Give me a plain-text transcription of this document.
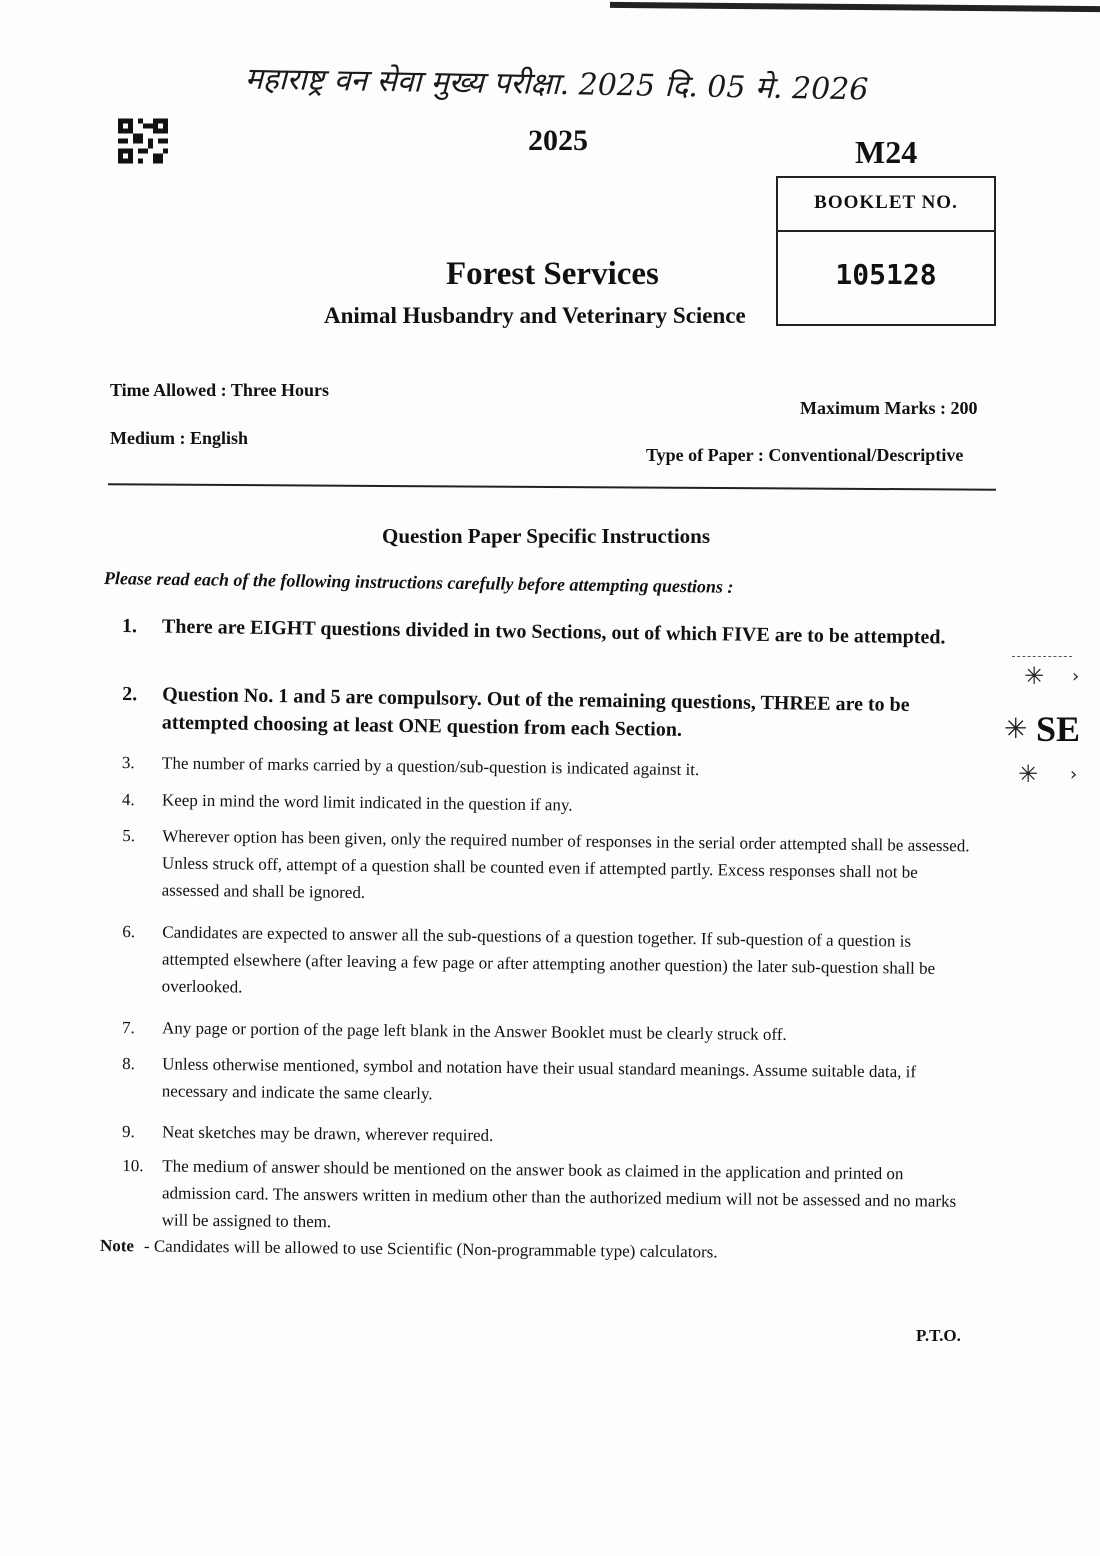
महाराष्ट्र वन सेवा मुख्य परीक्षा. 2025 दि. 05 मे. 2026
2025	M24
BOOKLET NO.
105128
Forest Services
Animal Husbandry and Veterinary Science
Time Allowed : Three Hours
Medium : English
Maximum Marks : 200
Type of Paper : Conventional/Descriptive
Question Paper Specific Instructions
Please read each of the following instructions carefully before attempting questions :
1.	There are EIGHT questions divided in two Sections, out of which FIVE are to be attempted.
2.	Question No. 1 and 5 are compulsory. Out of the remaining questions, THREE are to be attempted choosing at least ONE question from each Section.
3.	The number of marks carried by a question/sub-question is indicated against it.
4.	Keep in mind the word limit indicated in the question if any.
5.	Wherever option has been given, only the required number of responses in the serial order attempted shall be assessed. Unless struck off, attempt of a question shall be counted even if attempted partly. Excess responses shall not be assessed and shall be ignored.
6.	Candidates are expected to answer all the sub-questions of a question together. If sub-question of a question is attempted elsewhere (after leaving a few page or after attempting another question) the later sub-question shall be overlooked.
7.	Any page or portion of the page left blank in the Answer Booklet must be clearly struck off.
8.	Unless otherwise mentioned, symbol and notation have their usual standard meanings. Assume suitable data, if necessary and indicate the same clearly.
9.	Neat sketches may be drawn, wherever required.
10.	The medium of answer should be mentioned on the answer book as claimed in the application and printed on admission card. The answers written in medium other than the authorized medium will not be assessed and no marks will be assigned to them.
Note - Candidates will be allowed to use Scientific (Non-programmable type) calculators.
P.T.O.
✳ ›
✳ SE
✳ ›
